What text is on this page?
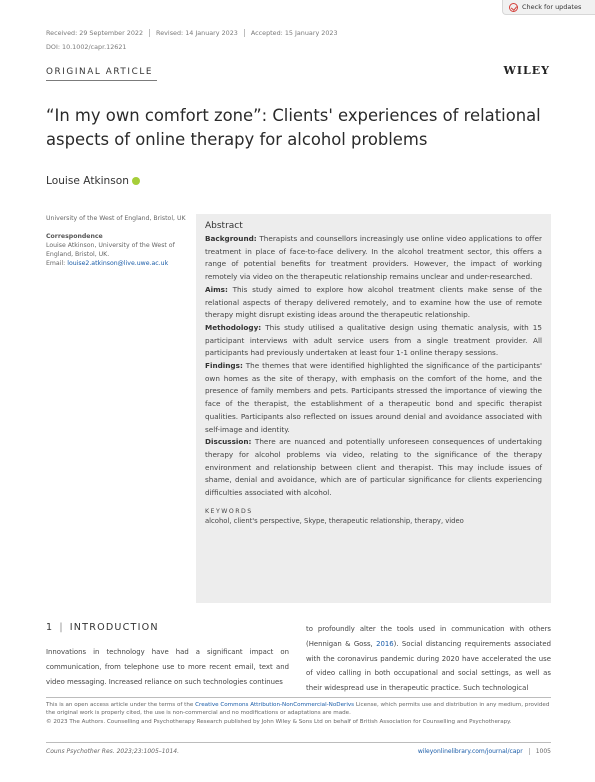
Check for updates
Received: 29 September 2022	Revised: 14 January 2023	Accepted: 15 January 2023
DOI: 10.1002/capr.12621
ORIGINAL ARTICLE	WILEY
“In my own comfort zone”: Clients' experiences of relational aspects of online therapy for alcohol problems
Louise Atkinson
University of the West of England, Bristol, UK
Correspondence
Louise Atkinson, University of the West of England, Bristol, UK.
Email: louise2.atkinson@live.uwe.ac.uk
Abstract

Background: Therapists and counsellors increasingly use online video applications to offer treatment in place of face-to-face delivery. In the alcohol treatment sector, this offers a range of potential benefits for treatment providers. However, the impact of working remotely via video on the therapeutic relationship remains unclear and under-researched.

Aims: This study aimed to explore how alcohol treatment clients make sense of the relational aspects of therapy delivered remotely, and to examine how the use of remote therapy might disrupt existing ideas around the therapeutic relationship.

Methodology: This study utilised a qualitative design using thematic analysis, with 15 participant interviews with adult service users from a single treatment provider. All participants had previously undertaken at least four 1-1 online therapy sessions.

Findings: The themes that were identified highlighted the significance of the participants' own homes as the site of therapy, with emphasis on the comfort of the home, and the presence of family members and pets. Participants stressed the importance of viewing the face of the therapist, the establishment of a therapeutic bond and specific therapist qualities. Participants also reflected on issues around denial and avoidance associated with self-image and identity.

Discussion: There are nuanced and potentially unforeseen consequences of undertaking therapy for alcohol problems via video, relating to the significance of the therapy environment and relationship between client and therapist. This may include issues of shame, denial and avoidance, which are of particular significance for clients experiencing difficulties associated with alcohol.

KEYWORDS
alcohol, client's perspective, Skype, therapeutic relationship, therapy, video
1 | INTRODUCTION

Innovations in technology have had a significant impact on communication, from telephone use to more recent email, text and video messaging. Increased reliance on such technologies continues

to profoundly alter the tools used in communication with others (Hennigan & Goss, 2016). Social distancing requirements associated with the coronavirus pandemic during 2020 have accelerated the use of video calling in both occupational and social settings, as well as their widespread use in therapeutic practice. Such technological

This is an open access article under the terms of the Creative Commons Attribution-NonCommercial-NoDerivs License, which permits use and distribution in any medium, provided the original work is properly cited, the use is non-commercial and no modifications or adaptations are made.
© 2023 The Authors. Counselling and Psychotherapy Research published by John Wiley & Sons Ltd on behalf of British Association for Counselling and Psychotherapy.
Couns Psychother Res. 2023;23:1005–1014.	wileyonlinelibrary.com/journal/capr	1005
